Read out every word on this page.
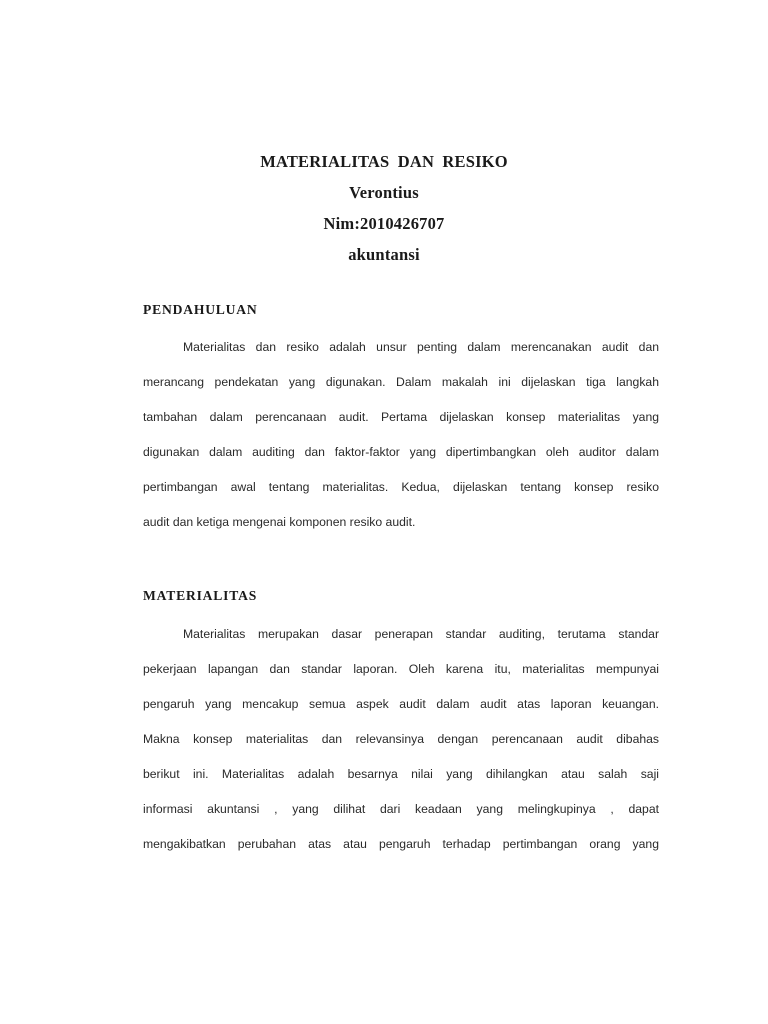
MATERIALITAS DAN RESIKO
Verontius
Nim:2010426707
akuntansi
PENDAHULUAN
Materialitas dan resiko adalah unsur penting dalam merencanakan audit dan
merancang pendekatan yang digunakan. Dalam makalah ini dijelaskan tiga langkah
tambahan dalam perencanaan audit. Pertama dijelaskan konsep materialitas yang
digunakan dalam auditing dan faktor-faktor yang dipertimbangkan oleh auditor dalam
pertimbangan awal tentang materialitas. Kedua, dijelaskan tentang konsep resiko
audit dan ketiga mengenai komponen resiko audit.
MATERIALITAS
Materialitas merupakan dasar penerapan standar auditing, terutama standar
pekerjaan lapangan dan standar laporan. Oleh karena itu, materialitas mempunyai
pengaruh yang mencakup semua aspek audit dalam audit atas laporan keuangan.
Makna konsep materialitas dan relevansinya dengan perencanaan audit dibahas
berikut ini. Materialitas adalah besarnya nilai yang dihilangkan atau salah saji
informasi akuntansi , yang dilihat dari keadaan yang melingkupinya , dapat
mengakibatkan perubahan atas atau pengaruh terhadap pertimbangan orang yang
